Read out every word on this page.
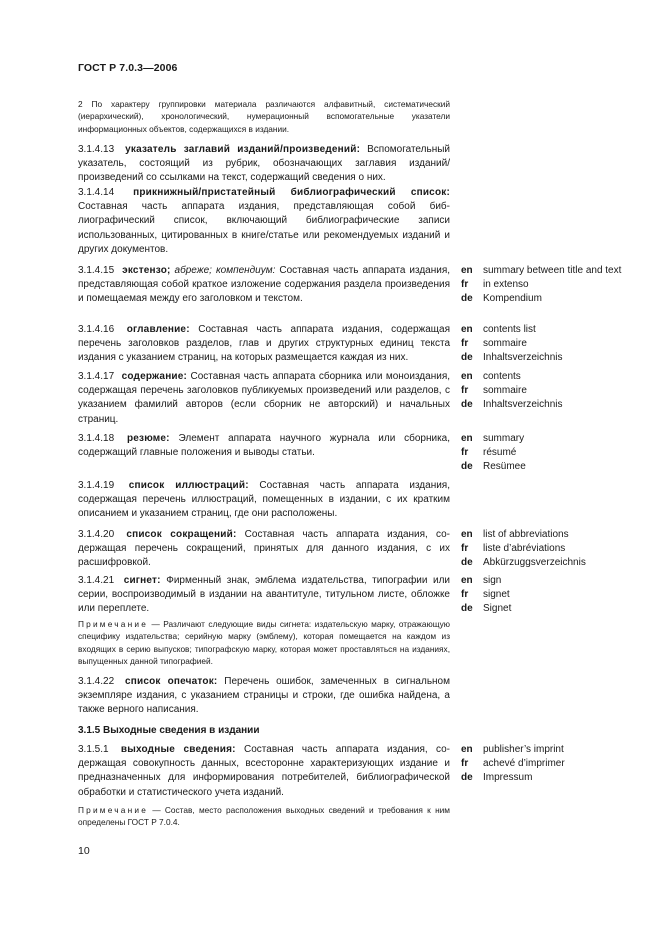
ГОСТ Р 7.0.3—2006
2 По характеру группировки материала различаются алфавитный, систематический (иерархический), хронологический, нумерационный вспомогательные указатели информационных объектов, содержащихся в издании.
3.1.4.13 указатель заглавий изданий/произведений: Вспомогательный указатель, состоящий из рубрик, обозначающих заглавия изданий/произведений со ссылками на текст, содержащий сведения о них.
3.1.4.14 прикнижный/пристатейный библиографический список: Составная часть аппарата издания, представляющая собой библиографический список, включающий библиографические записи использованных, цитированных в книге/статье или рекомендуемых изданий и других документов.
3.1.4.15 экстензо; абреже; компендиум: Составная часть аппарата издания, представляющая собой краткое изложение содержания раздела произведения и помещаемая между его заголовком и текстом.
en	summary between title and text
fr	in extenso
de	Kompendium
3.1.4.16 оглавление: Составная часть аппарата издания, содержащая перечень заголовков разделов, глав и других структурных единиц текста издания с указанием страниц, на которых размещается каждая из них.
en	contents list
fr	sommaire
de	Inhaltsverzeichnis
3.1.4.17 содержание: Составная часть аппарата сборника или моноиздания, содержащая перечень заголовков публикуемых произведений или разделов, с указанием фамилий авторов (если сборник не авторский) и начальных страниц.
en	contents
fr	sommaire
de	Inhaltsverzeichnis
3.1.4.18 резюме: Элемент аппарата научного журнала или сборника, содержащий главные положения и выводы статьи.
en	summary
fr	résumé
de	Resümee
3.1.4.19 список иллюстраций: Составная часть аппарата издания, содержащая перечень иллюстраций, помещенных в издании, с их кратким описанием и указанием страниц, где они расположены.
3.1.4.20 список сокращений: Составная часть аппарата издания, содержащая перечень сокращений, принятых для данного издания, с их расшифровкой.
en	list of abbreviations
fr	liste d’abréviations
de	Abkürzuggsverzeichnis
3.1.4.21 сигнет: Фирменный знак, эмблема издательства, типографии или серии, воспроизводимый в издании на авантитуле, титульном листе, обложке или переплете.
en	sign
fr	signet
de	Signet
Примечание — Различают следующие виды сигнета: издательскую марку, отражающую специфику издательства; серийную марку (эмблему), которая помещается на каждом из входящих в серию выпусков; типографскую марку, которая может проставляться на изданиях, выпущенных данной типографией.
3.1.4.22 список опечаток: Перечень ошибок, замеченных в сигнальном экземпляре издания, с указанием страницы и строки, где ошибка найдена, а также верного написания.
3.1.5 Выходные сведения в издании
3.1.5.1 выходные сведения: Составная часть аппарата издания, содержащая совокупность данных, всесторонне характеризующих издание и предназначенных для информирования потребителей, библиографической обработки и статистического учета изданий.
en	publisher’s imprint
fr	achevé d’imprimer
de	Impressum
Примечание — Состав, место расположения выходных сведений и требования к ним определены ГОСТ Р 7.0.4.
10
